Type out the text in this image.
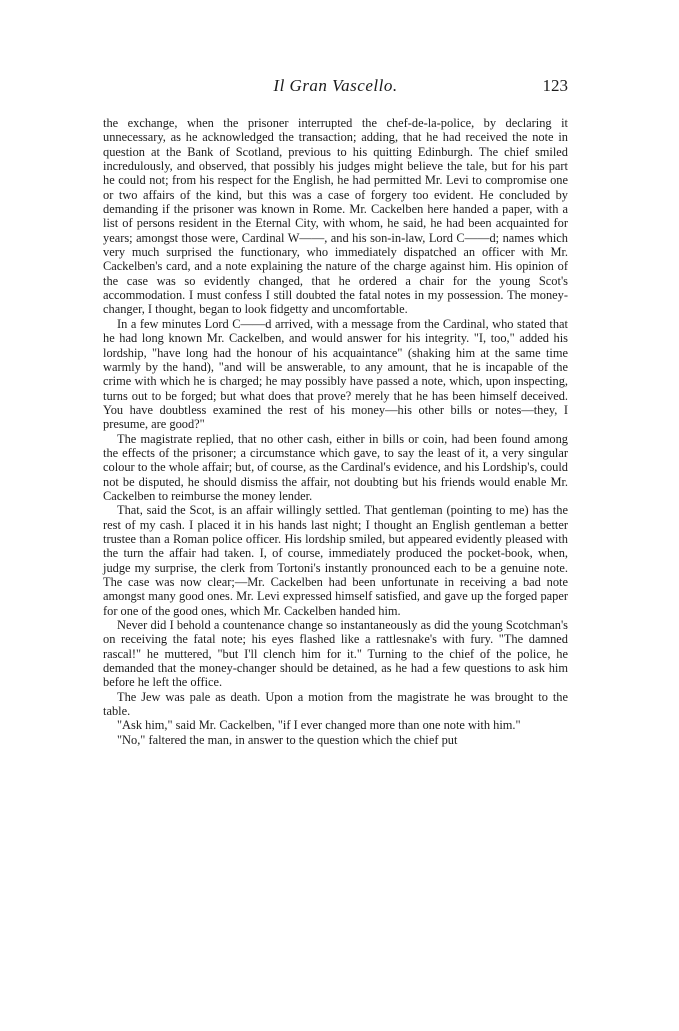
Il Gran Vascello.	123

the exchange, when the prisoner interrupted the chef-de-la-police, by declaring it unnecessary, as he acknowledged the transaction; adding, that he had received the note in question at the Bank of Scotland, previous to his quitting Edinburgh. The chief smiled incredulously, and observed, that possibly his judges might believe the tale, but for his part he could not; from his respect for the English, he had permitted Mr. Levi to compromise one or two affairs of the kind, but this was a case of forgery too evident. He concluded by demanding if the prisoner was known in Rome. Mr. Cackelben here handed a paper, with a list of persons resident in the Eternal City, with whom, he said, he had been acquainted for years; amongst those were, Cardinal W——, and his son-in-law, Lord C——d; names which very much surprised the functionary, who immediately dispatched an officer with Mr. Cackelben's card, and a note explaining the nature of the charge against him. His opinion of the case was so evidently changed, that he ordered a chair for the young Scot's accommodation. I must confess I still doubted the fatal notes in my possession. The money-changer, I thought, began to look fidgetty and uncomfortable.

In a few minutes Lord C——d arrived, with a message from the Cardinal, who stated that he had long known Mr. Cackelben, and would answer for his integrity. "I, too," added his lordship, "have long had the honour of his acquaintance" (shaking him at the same time warmly by the hand), "and will be answerable, to any amount, that he is incapable of the crime with which he is charged; he may possibly have passed a note, which, upon inspecting, turns out to be forged; but what does that prove? merely that he has been himself deceived. You have doubtless examined the rest of his money—his other bills or notes—they, I presume, are good?"

The magistrate replied, that no other cash, either in bills or coin, had been found among the effects of the prisoner; a circumstance which gave, to say the least of it, a very singular colour to the whole affair; but, of course, as the Cardinal's evidence, and his Lordship's, could not be disputed, he should dismiss the affair, not doubting but his friends would enable Mr. Cackelben to reimburse the money lender.

That, said the Scot, is an affair willingly settled. That gentleman (pointing to me) has the rest of my cash. I placed it in his hands last night; I thought an English gentleman a better trustee than a Roman police officer. His lordship smiled, but appeared evidently pleased with the turn the affair had taken. I, of course, immediately produced the pocket-book, when, judge my surprise, the clerk from Tortoni's instantly pronounced each to be a genuine note. The case was now clear;—Mr. Cackelben had been unfortunate in receiving a bad note amongst many good ones. Mr. Levi expressed himself satisfied, and gave up the forged paper for one of the good ones, which Mr. Cackelben handed him.

Never did I behold a countenance change so instantaneously as did the young Scotchman's on receiving the fatal note; his eyes flashed like a rattlesnake's with fury. "The damned rascal!" he muttered, "but I'll clench him for it." Turning to the chief of the police, he demanded that the money-changer should be detained, as he had a few questions to ask him before he left the office.

The Jew was pale as death. Upon a motion from the magistrate he was brought to the table.

"Ask him," said Mr. Cackelben, "if I ever changed more than one note with him."

"No," faltered the man, in answer to the question which the chief put
